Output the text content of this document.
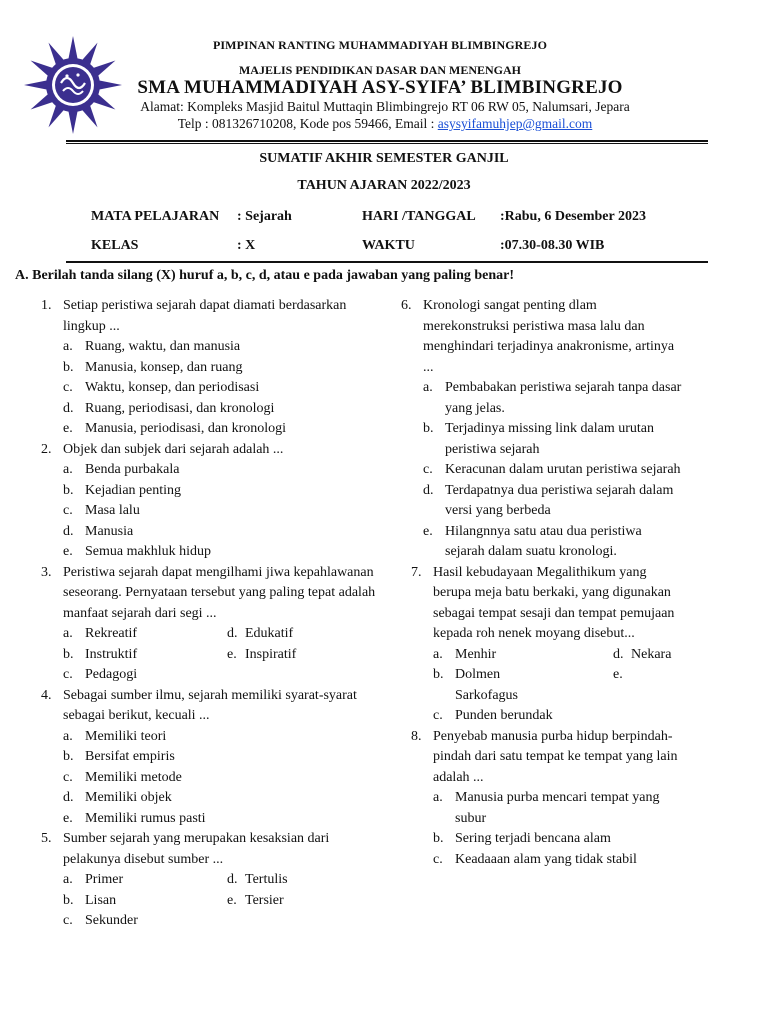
PIMPINAN RANTING MUHAMMADIYAH BLIMBINGREJO
MAJELIS PENDIDIKAN DASAR DAN MENENGAH
SMA MUHAMMADIYAH ASY-SYIFA’ BLIMBINGREJO
Alamat: Kompleks Masjid Baitul Muttaqin Blimbingrejo RT 06 RW 05, Nalumsari, Jepara
Telp : 081326710208, Kode pos 59466, Email : asysyifamuhjep@gmail.com
SUMATIF AKHIR SEMESTER GANJIL
TAHUN AJARAN 2022/2023
MATA PELAJARAN : Sejarah	HARI /TANGGAL :Rabu, 6 Desember 2023
KELAS	: X	WAKTU	:07.30-08.30 WIB
A. Berilah tanda silang (X) huruf a, b, c, d, atau e pada jawaban yang paling benar!
1. Setiap peristiwa sejarah dapat diamati berdasarkan lingkup ...
a. Ruang, waktu, dan manusia
b. Manusia, konsep, dan ruang
c. Waktu, konsep, dan periodisasi
d. Ruang, periodisasi, dan kronologi
e. Manusia, periodisasi, dan kronologi
2. Objek dan subjek dari sejarah adalah ...
a. Benda purbakala
b. Kejadian penting
c. Masa lalu
d. Manusia
e. Semua makhluk hidup
3. Peristiwa sejarah dapat mengilhami jiwa kepahlawanan seseorang. Pernyataan tersebut yang paling tepat adalah manfaat sejarah dari segi ...
a. Rekreatif	d. Edukatif
b. Instruktif	e. Inspiratif
c. Pedagogi
4. Sebagai sumber ilmu, sejarah memiliki syarat-syarat sebagai berikut, kecuali ...
a. Memiliki teori
b. Bersifat empiris
c. Memiliki metode
d. Memiliki objek
e. Memiliki rumus pasti
5. Sumber sejarah yang merupakan kesaksian dari pelakunya disebut sumber ...
a. Primer	d. Tertulis
b. Lisan	e. Tersier
c. Sekunder
6. Kronologi sangat penting dlam merekonstruksi peristiwa masa lalu dan menghindari terjadinya anakronisme, artinya ...
a. Pembabakan peristiwa sejarah tanpa dasar yang jelas.
b. Terjadinya missing link dalam urutan peristiwa sejarah
c. Keracunan dalam urutan peristiwa sejarah
d. Terdapatnya dua peristiwa sejarah dalam versi yang berbeda
e. Hilangnnya satu atau dua peristiwa sejarah dalam suatu kronologi.
7. Hasil kebudayaan Megalithikum yang berupa meja batu berkaki, yang digunakan sebagai tempat sesaji dan tempat pemujaan kepada roh nenek moyang disebut...
a. Menhir	d. Nekara
b. Dolmen	e.
Sarkofagus
c. Punden berundak
8. Penyebab manusia purba hidup berpindah-pindah dari satu tempat ke tempat yang lain adalah ...
a. Manusia purba mencari tempat yang subur
b. Sering terjadi bencana alam
c. Keadaaan alam yang tidak stabil
